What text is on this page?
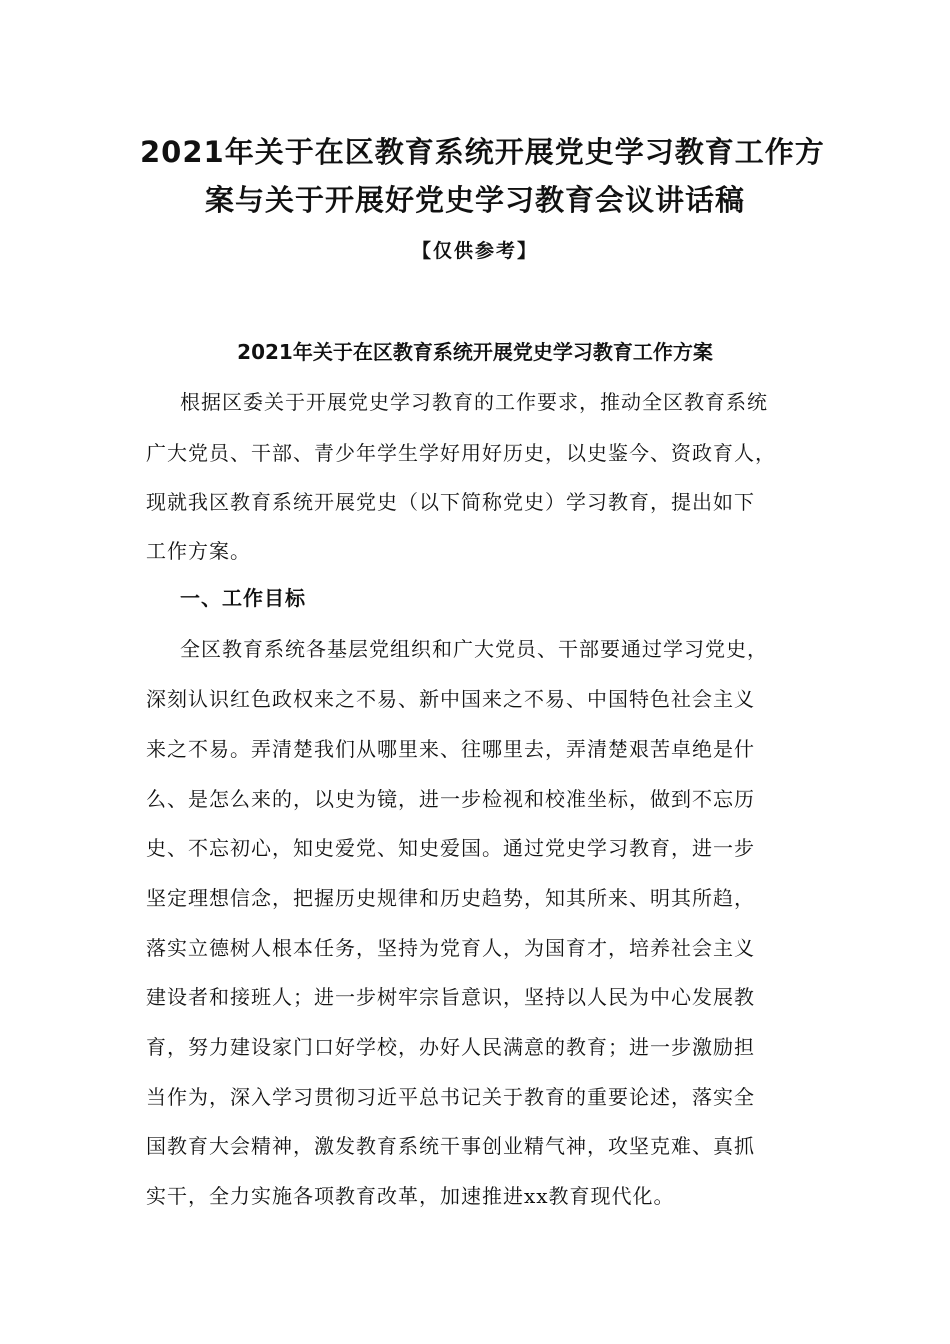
2021年关于在区教育系统开展党史学习教育工作方
案与关于开展好党史学习教育会议讲话稿
【仅供参考】
2021年关于在区教育系统开展党史学习教育工作方案
根据区委关于开展党史学习教育的工作要求，推动全区教育系统
广大党员、干部、青少年学生学好用好历史，以史鉴今、资政育人，
现就我区教育系统开展党史（以下简称党史）学习教育，提出如下
工作方案。
一、工作目标
全区教育系统各基层党组织和广大党员、干部要通过学习党史，
深刻认识红色政权来之不易、新中国来之不易、中国特色社会主义
来之不易。弄清楚我们从哪里来、往哪里去，弄清楚艰苦卓绝是什
么、是怎么来的，以史为镜，进一步检视和校准坐标，做到不忘历
史、不忘初心，知史爱党、知史爱国。通过党史学习教育，进一步
坚定理想信念，把握历史规律和历史趋势，知其所来、明其所趋，
落实立德树人根本任务，坚持为党育人，为国育才，培养社会主义
建设者和接班人；进一步树牢宗旨意识，坚持以人民为中心发展教
育，努力建设家门口好学校，办好人民满意的教育；进一步激励担
当作为，深入学习贯彻习近平总书记关于教育的重要论述，落实全
国教育大会精神，激发教育系统干事创业精气神，攻坚克难、真抓
实干，全力实施各项教育改革，加速推进xx教育现代化。
